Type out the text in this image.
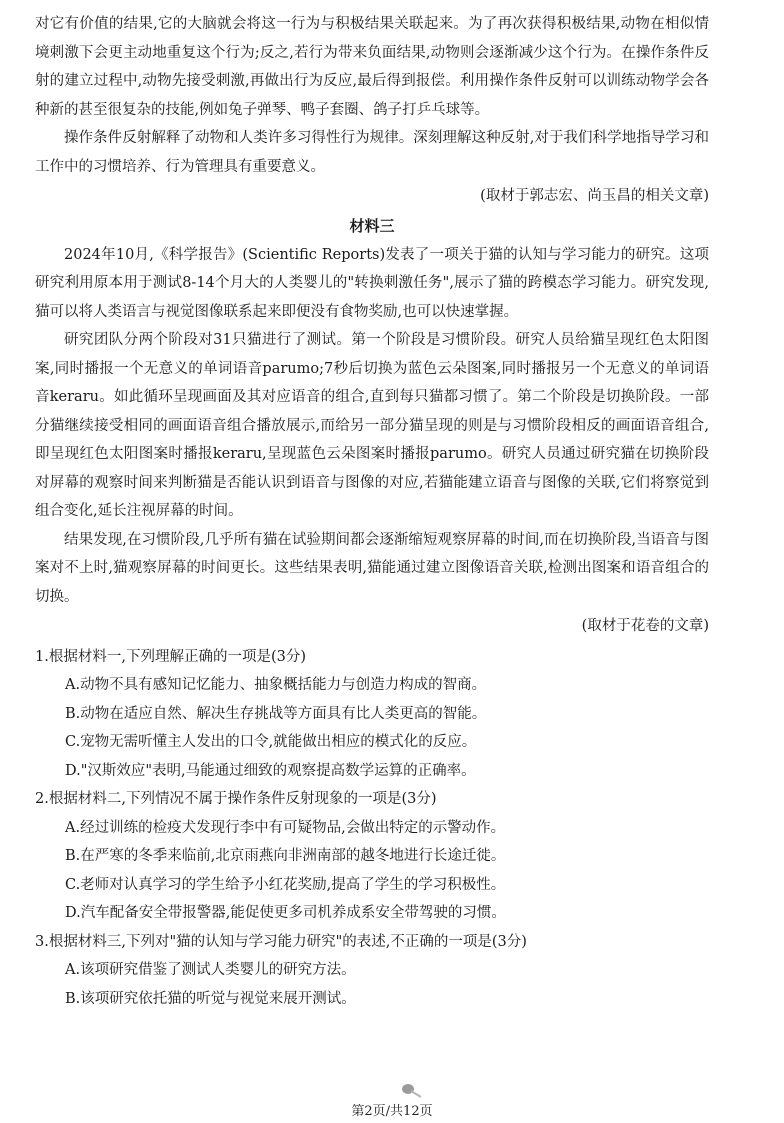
对它有价值的结果,它的大脑就会将这一行为与积极结果关联起来。为了再次获得积极结果,动物在相似情境刺激下会更主动地重复这个行为;反之,若行为带来负面结果,动物则会逐渐减少这个行为。在操作条件反射的建立过程中,动物先接受刺激,再做出行为反应,最后得到报偿。利用操作条件反射可以训练动物学会各种新的甚至很复杂的技能,例如兔子弹琴、鸭子套圈、鸽子打乒乓球等。

操作条件反射解释了动物和人类许多习得性行为规律。深刻理解这种反射,对于我们科学地指导学习和工作中的习惯培养、行为管理具有重要意义。

(取材于郭志宏、尚玉昌的相关文章)

材料三

2024年10月,《科学报告》(Scientific Reports)发表了一项关于猫的认知与学习能力的研究。这项研究利用原本用于测试8-14个月大的人类婴儿的"转换刺激任务",展示了猫的跨模态学习能力。研究发现,猫可以将人类语言与视觉图像联系起来即便没有食物奖励,也可以快速掌握。

研究团队分两个阶段对31只猫进行了测试。第一个阶段是习惯阶段。研究人员给猫呈现红色太阳图案,同时播报一个无意义的单词语音parumo;7秒后切换为蓝色云朵图案,同时播报另一个无意义的单词语音keraru。如此循环呈现画面及其对应语音的组合,直到每只猫都习惯了。第二个阶段是切换阶段。一部分猫继续接受相同的画面语音组合播放展示,而给另一部分猫呈现的则是与习惯阶段相反的画面语音组合,即呈现红色太阳图案时播报keraru,呈现蓝色云朵图案时播报parumo。研究人员通过研究猫在切换阶段对屏幕的观察时间来判断猫是否能认识到语音与图像的对应,若猫能建立语音与图像的关联,它们将察觉到组合变化,延长注视屏幕的时间。

结果发现,在习惯阶段,几乎所有猫在试验期间都会逐渐缩短观察屏幕的时间,而在切换阶段,当语音与图案对不上时,猫观察屏幕的时间更长。这些结果表明,猫能通过建立图像语音关联,检测出图案和语音组合的切换。

(取材于花卷的文章)

1.根据材料一,下列理解正确的一项是(3分)

A.动物不具有感知记忆能力、抽象概括能力与创造力构成的智商。

B.动物在适应自然、解决生存挑战等方面具有比人类更高的智能。

C.宠物无需听懂主人发出的口令,就能做出相应的模式化的反应。

D."汉斯效应"表明,马能通过细致的观察提高数学运算的正确率。

2.根据材料二,下列情况不属于操作条件反射现象的一项是(3分)

A.经过训练的检疫犬发现行李中有可疑物品,会做出特定的示警动作。

B.在严寒的冬季来临前,北京雨燕向非洲南部的越冬地进行长途迁徙。

C.老师对认真学习的学生给予小红花奖励,提高了学生的学习积极性。

D.汽车配备安全带报警器,能促使更多司机养成系安全带驾驶的习惯。

3.根据材料三,下列对"猫的认知与学习能力研究"的表述,不正确的一项是(3分)

A.该项研究借鉴了测试人类婴儿的研究方法。

B.该项研究依托猫的听觉与视觉来展开测试。

第2页/共12页
